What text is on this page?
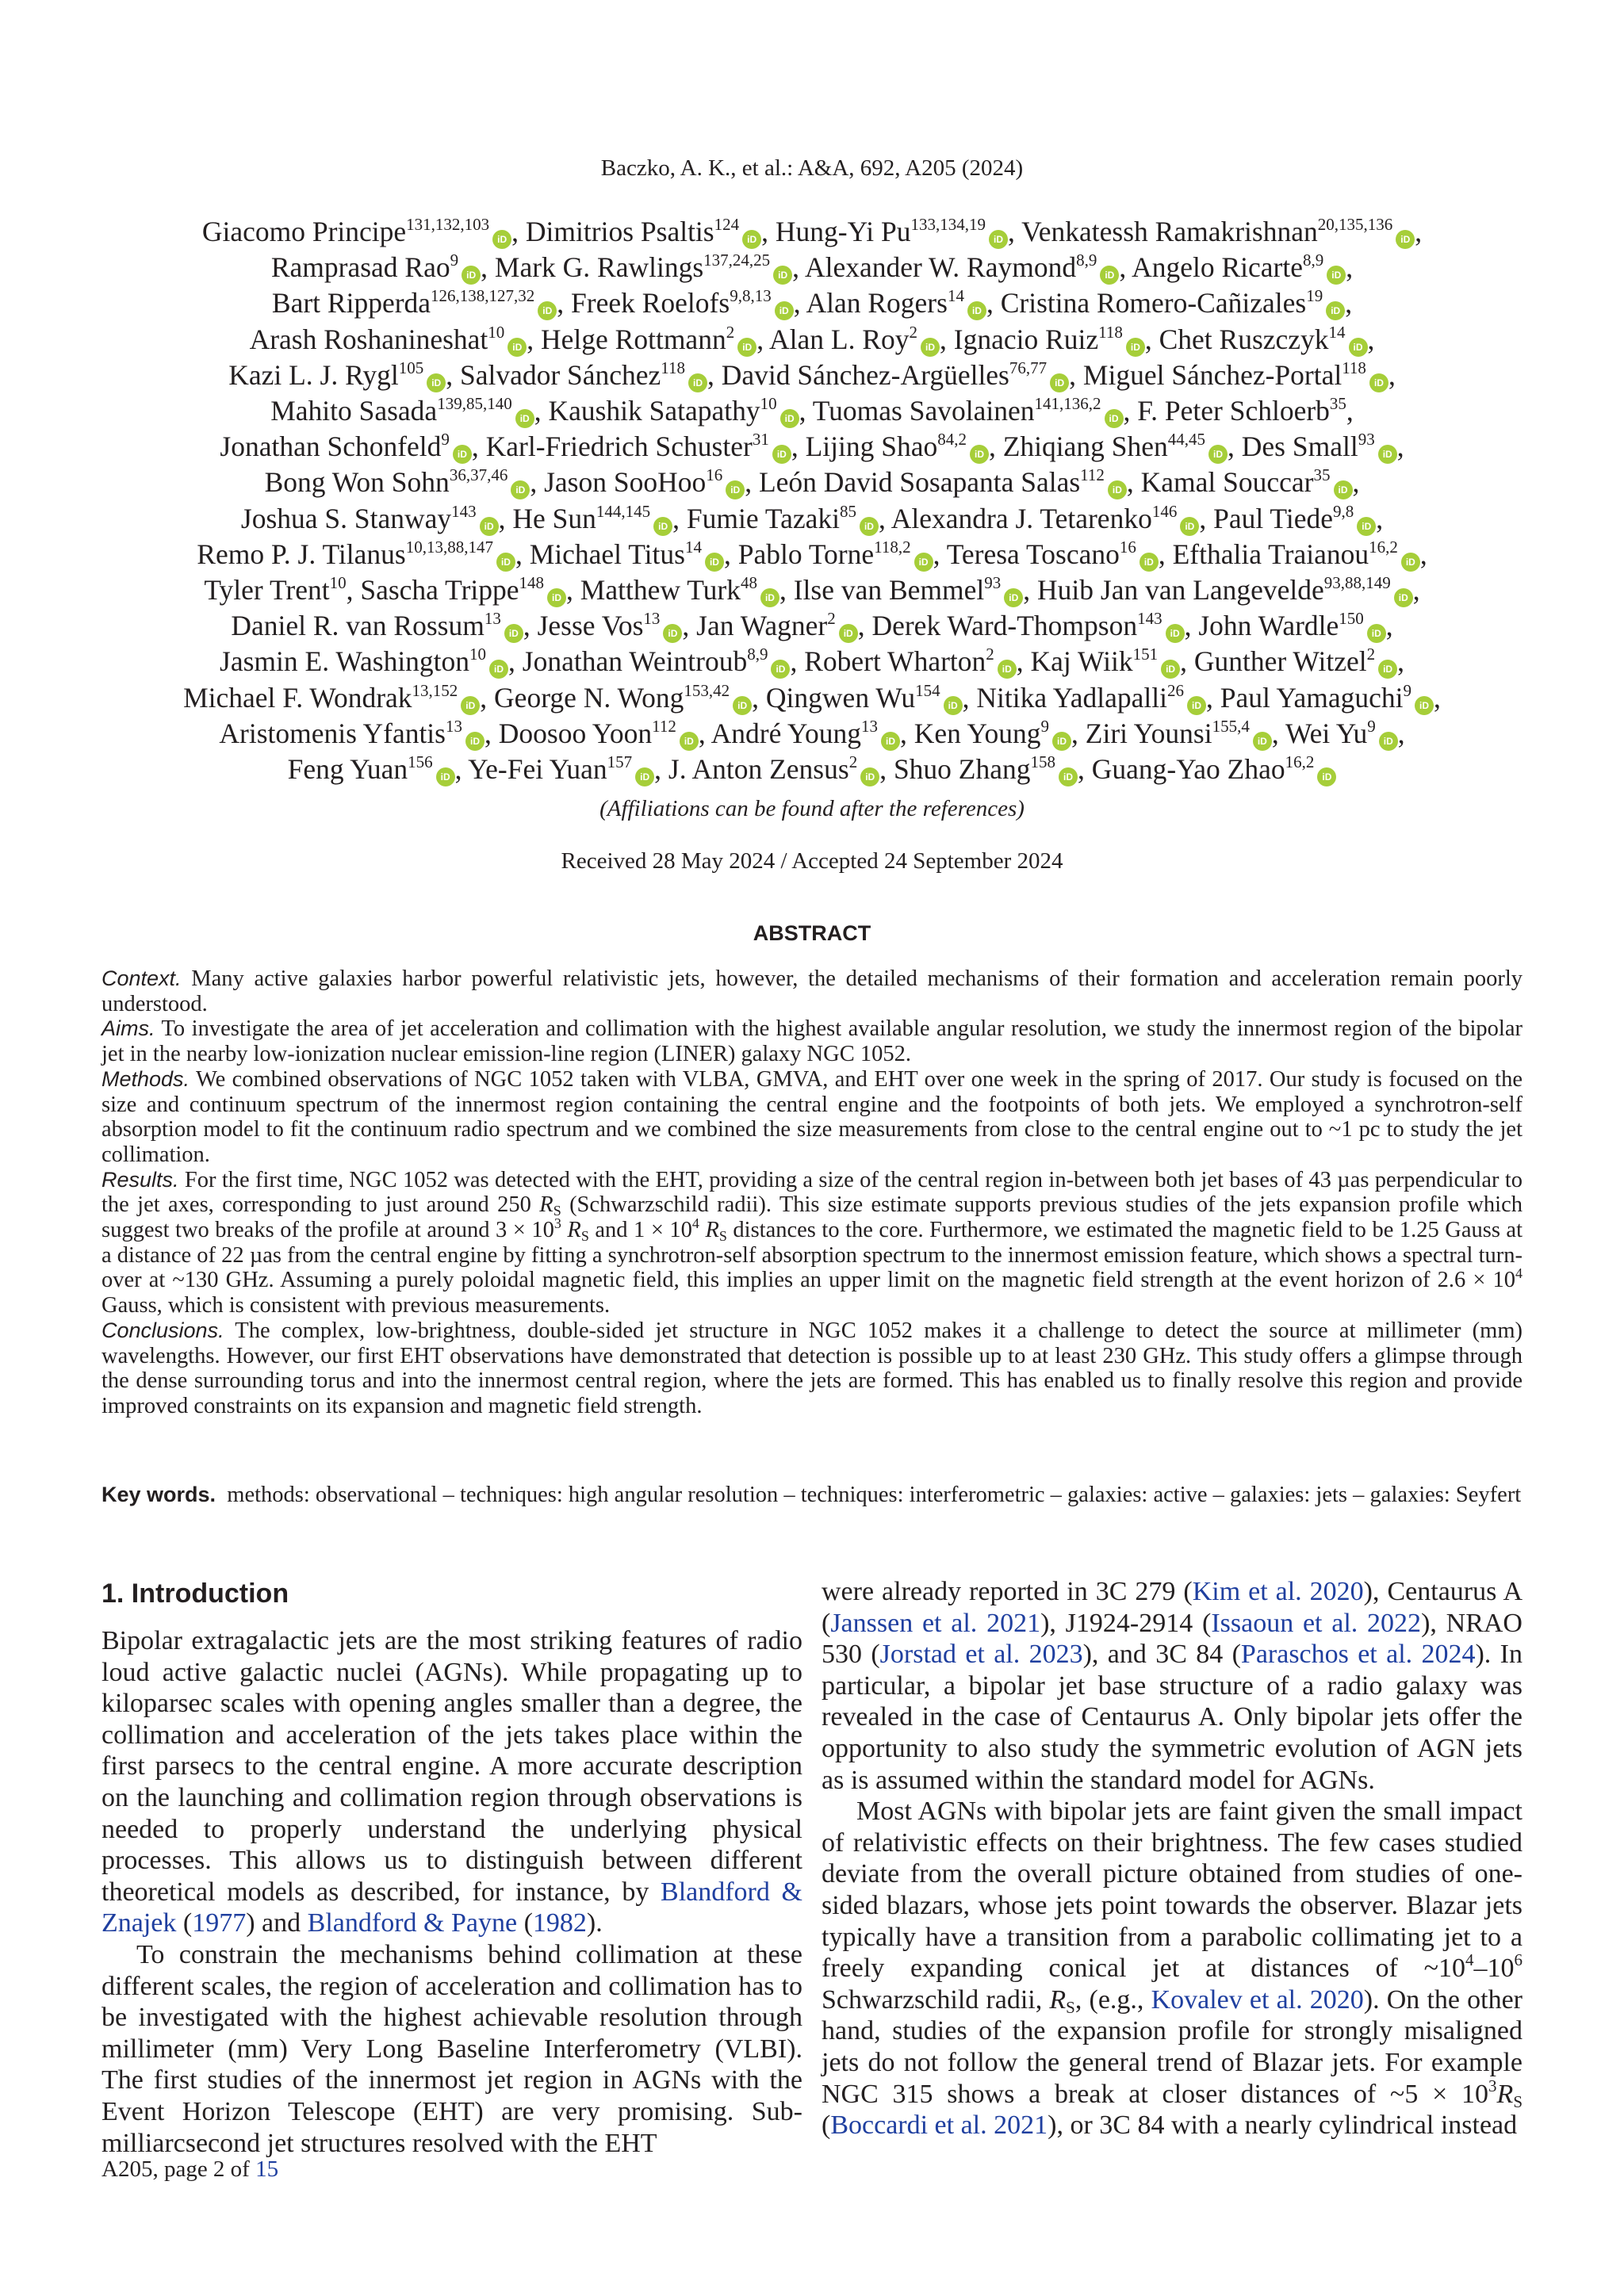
Baczko, A. K., et al.: A&A, 692, A205 (2024)
Giacomo Principe$^{131,132,103}$iD , Dimitrios Psaltis$^{124}$iD , Hung-Yi Pu$^{133,134,19}$iD , Venkatessh Ramakrishnan$^{20,135,136}$iD ,
Ramprasad Rao$^9$iD , Mark G. Rawlings$^{137,24,25}$iD , Alexander W. Raymond$^{8,9}$iD , Angelo Ricarte$^{8,9}$iD ,
Bart Ripperda$^{126,138,127,32}$iD , Freek Roelofs$^{9,8,13}$iD , Alan Rogers$^{14}$iD , Cristina Romero-Cañizales$^{19}$iD ,
Arash Roshanineshat$^{10}$iD , Helge Rottmann$^2$iD , Alan L. Roy$^2$iD , Ignacio Ruiz$^{118}$iD , Chet Ruszczyk$^{14}$iD ,
Kazi L. J. Rygl$^{105}$iD , Salvador Sánchez$^{118}$iD , David Sánchez-Argüelles$^{76,77}$iD , Miguel Sánchez-Portal$^{118}$iD ,
Mahito Sasada$^{139,85,140}$iD , Kaushik Satapathy$^{10}$iD , Tuomas Savolainen$^{141,136,2}$iD , F. Peter Schloerb$^{35}$,
Jonathan Schonfeld$^9$iD , Karl-Friedrich Schuster$^{31}$iD , Lijing Shao$^{84,2}$iD , Zhiqiang Shen$^{44,45}$iD , Des Small$^{93}$iD ,
Bong Won Sohn$^{36,37,46}$iD , Jason SooHoo$^{16}$iD , León David Sosapanta Salas$^{112}$iD , Kamal Souccar$^{35}$iD ,
Joshua S. Stanway$^{143}$iD , He Sun$^{144,145}$iD , Fumie Tazaki$^{85}$iD , Alexandra J. Tetarenko$^{146}$iD , Paul Tiede$^{9,8}$iD ,
Remo P. J. Tilanus$^{10,13,88,147}$iD , Michael Titus$^{14}$iD , Pablo Torne$^{118,2}$iD , Teresa Toscano$^{16}$iD , Efthalia Traianou$^{16,2}$iD ,
Tyler Trent$^{10}$, Sascha Trippe$^{148}$iD , Matthew Turk$^{48}$iD , Ilse van Bemmel$^{93}$iD , Huib Jan van Langevelde$^{93,88,149}$iD ,
Daniel R. van Rossum$^{13}$iD , Jesse Vos$^{13}$iD , Jan Wagner$^2$iD , Derek Ward-Thompson$^{143}$iD , John Wardle$^{150}$iD ,
Jasmin E. Washington$^{10}$iD , Jonathan Weintroub$^{8,9}$iD , Robert Wharton$^2$iD , Kaj Wiik$^{151}$iD , Gunther Witzel$^2$iD ,
Michael F. Wondrak$^{13,152}$iD , George N. Wong$^{153,42}$iD , Qingwen Wu$^{154}$iD , Nitika Yadlapalli$^{26}$iD , Paul Yamaguchi$^9$iD ,
Aristomenis Yfantis$^{13}$iD , Doosoo Yoon$^{112}$iD , André Young$^{13}$iD , Ken Young$^9$iD , Ziri Younsi$^{155,4}$iD , Wei Yu$^9$iD ,
Feng Yuan$^{156}$iD , Ye-Fei Yuan$^{157}$iD , J. Anton Zensus$^2$iD , Shuo Zhang$^{158}$iD , Guang-Yao Zhao$^{16,2}$iD
(Affiliations can be found after the references)
Received 28 May 2024 / Accepted 24 September 2024
ABSTRACT

Context. Many active galaxies harbor powerful relativistic jets, however, the detailed mechanisms of their formation and acceleration remain poorly understood.

Aims. To investigate the area of jet acceleration and collimation with the highest available angular resolution, we study the innermost region of the bipolar jet in the nearby low-ionization nuclear emission-line region (LINER) galaxy NGC 1052.

Methods. We combined observations of NGC 1052 taken with VLBA, GMVA, and EHT over one week in the spring of 2017. Our study is focused on the size and continuum spectrum of the innermost region containing the central engine and the footpoints of both jets. We employed a synchrotron-self absorption model to fit the continuum radio spectrum and we combined the size measurements from close to the central engine out to ~1 pc to study the jet collimation.

Results. For the first time, NGC 1052 was detected with the EHT, providing a size of the central region in-between both jet bases of 43 µas perpendicular to the jet axes, corresponding to just around 250 $R_S$ (Schwarzschild radii). This size estimate supports previous studies of the jets expansion profile which suggest two breaks of the profile at around $3 \times 10^3$ $R_S$ and $1 \times 10^4$ $R_S$ distances to the core. Furthermore, we estimated the magnetic field to be 1.25 Gauss at a distance of 22 µas from the central engine by fitting a synchrotron-self absorption spectrum to the innermost emission feature, which shows a spectral turn-over at ~130 GHz. Assuming a purely poloidal magnetic field, this implies an upper limit on the magnetic field strength at the event horizon of $2.6 \times 10^4$ Gauss, which is consistent with previous measurements.

Conclusions. The complex, low-brightness, double-sided jet structure in NGC 1052 makes it a challenge to detect the source at millimeter (mm) wavelengths. However, our first EHT observations have demonstrated that detection is possible up to at least 230 GHz. This study offers a glimpse through the dense surrounding torus and into the innermost central region, where the jets are formed. This has enabled us to finally resolve this region and provide improved constraints on its expansion and magnetic field strength.

Key words. methods: observational – techniques: high angular resolution – techniques: interferometric – galaxies: active – galaxies: jets – galaxies: Seyfert
1. Introduction

Bipolar extragalactic jets are the most striking features of radio loud active galactic nuclei (AGNs). While propagating up to kiloparsec scales with opening angles smaller than a degree, the collimation and acceleration of the jets takes place within the first parsecs to the central engine. A more accurate description on the launching and collimation region through observations is needed to properly understand the underlying physical processes. This allows us to distinguish between different theoretical models as described, for instance, by Blandford & Znajek (1977) and Blandford & Payne (1982).

To constrain the mechanisms behind collimation at these different scales, the region of acceleration and collimation has to be investigated with the highest achievable resolution through millimeter (mm) Very Long Baseline Interferometry (VLBI). The first studies of the innermost jet region in AGNs with the Event Horizon Telescope (EHT) are very promising. Sub-milliarcsecond jet structures resolved with the EHT

were already reported in 3C 279 (Kim et al. 2020), Centaurus A (Janssen et al. 2021), J1924-2914 (Issaoun et al. 2022), NRAO 530 (Jorstad et al. 2023), and 3C 84 (Paraschos et al. 2024). In particular, a bipolar jet base structure of a radio galaxy was revealed in the case of Centaurus A. Only bipolar jets offer the opportunity to also study the symmetric evolution of AGN jets as is assumed within the standard model for AGNs.

Most AGNs with bipolar jets are faint given the small impact of relativistic effects on their brightness. The few cases studied deviate from the overall picture obtained from studies of one-sided blazars, whose jets point towards the observer. Blazar jets typically have a transition from a parabolic collimating jet to a freely expanding conical jet at distances of $\sim 10^4-10^6$ Schwarzschild radii, $R_S$, (e.g., Kovalev et al. 2020). On the other hand, studies of the expansion profile for strongly misaligned jets do not follow the general trend of Blazar jets. For example NGC 315 shows a break at closer distances of ~5 × $10^3R_S$ (Boccardi et al. 2021), or 3C 84 with a nearly cylindrical instead

A205, page 2 of 15
